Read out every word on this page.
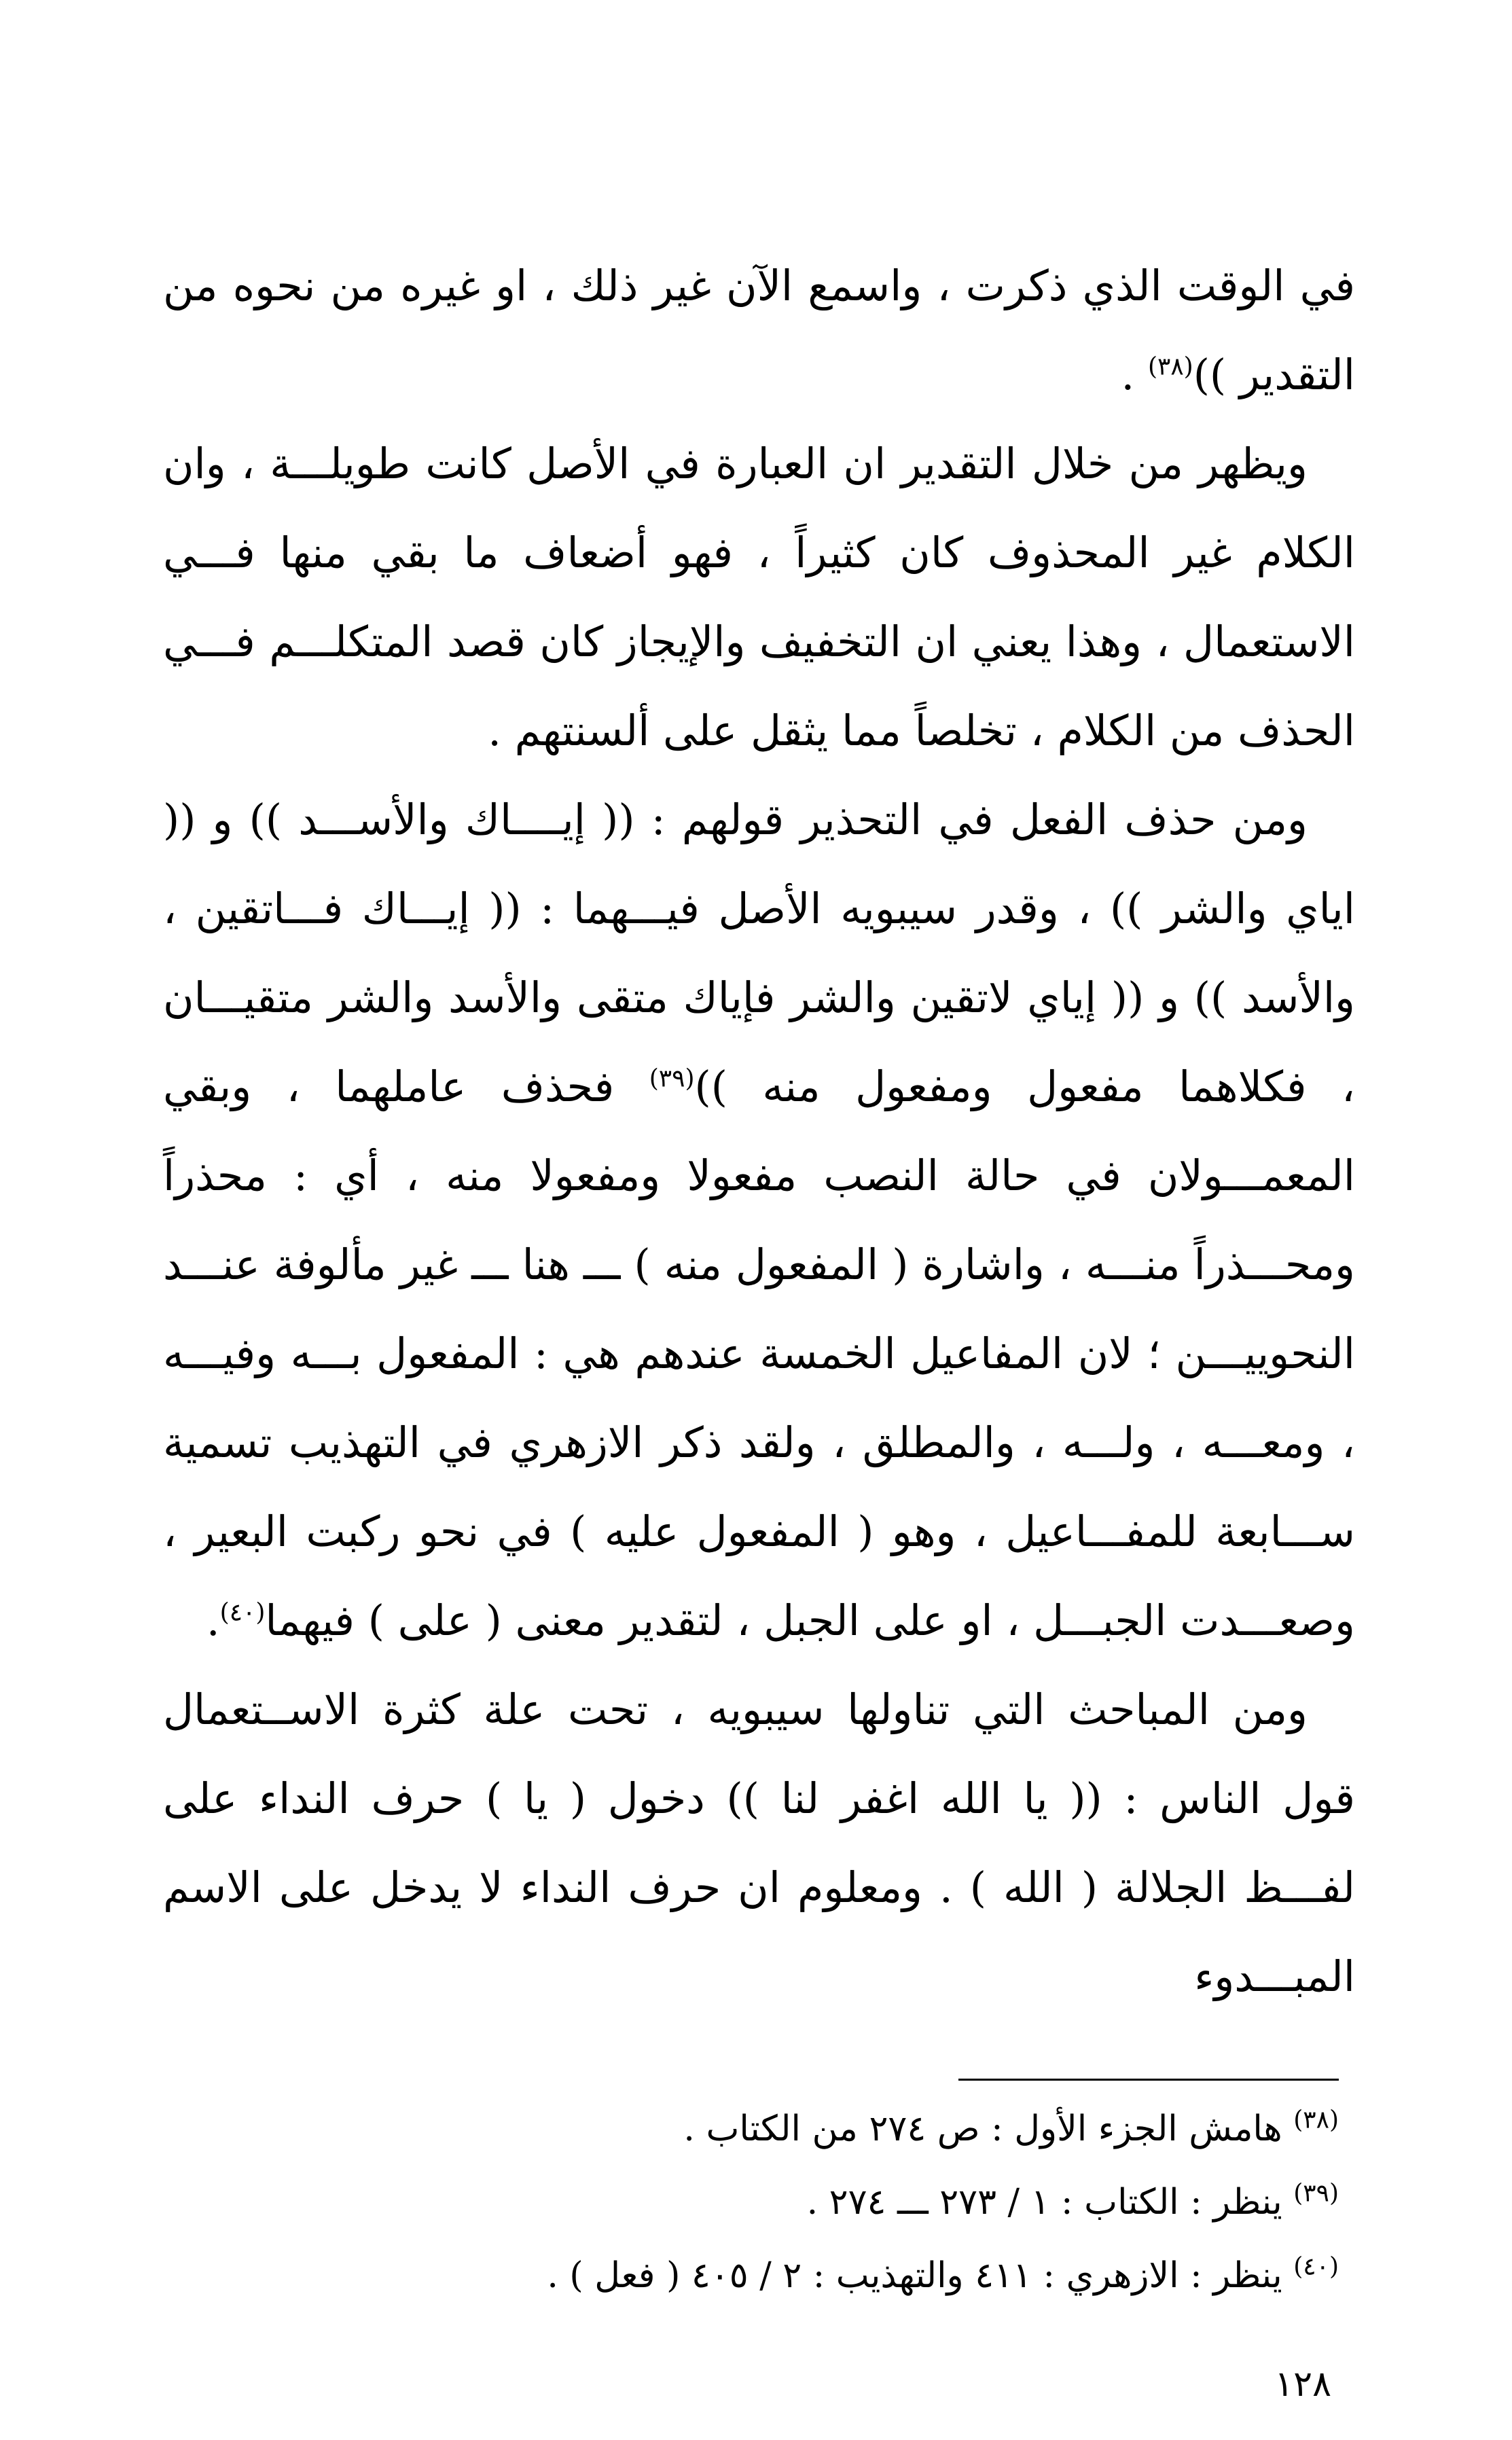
في الوقت الذي ذكرت ، واسمع الآن غير ذلك ، او غيره من نحوه من التقدير ))$^{(٣٨)}$ .

ويظهر من خلال التقدير ان العبارة في الأصل كانت طويلـــة ، وان الكلام غير المحذوف كان كثيراً ، فهو أضعاف ما بقي منها فـــي الاستعمال ، وهذا يعني ان التخفيف والإيجاز كان قصد المتكلـــم فـــي الحذف من الكلام ، تخلصاً مما يثقل على ألسنتهم .

ومن حذف الفعل في التحذير قولهم : (( إيــــاك والأســـد )) و (( اياي والشر )) ، وقدر سيبويه الأصل فيـــهما : (( إيـــاك فـــاتقين ، والأسد )) و (( إياي لاتقين والشر فإياك متقى والأسد والشر متقيـــان ، فكلاهما مفعول ومفعول منه ))$^{(٣٩)}$ فحذف عاملهما ، وبقي المعمـــولان في حالة النصب مفعولا ومفعولا منه ، أي : محذراً ومحـــذراً منـــه ، واشارة ( المفعول منه ) ـــ هنا ـــ غير مألوفة عنـــد النحوييـــن ؛ لان المفاعيل الخمسة عندهم هي : المفعول بـــه وفيـــه ، ومعـــه ، ولـــه ، والمطلق ، ولقد ذكر الازهري في التهذيب تسمية ســـابعة للمفـــاعيل ، وهو ( المفعول عليه ) في نحو ركبت البعير ، وصعـــدت الجبـــل ، او على الجبل ، لتقدير معنى ( على ) فيهما$^{(٤٠)}$.

ومن المباحث التي تناولها سيبويه ، تحت علة كثرة الاســتعمال قول الناس : (( يا الله اغفر لنا )) دخول ( يا ) حرف النداء على لفـــظ الجلالة ( الله ) . ومعلوم ان حرف النداء لا يدخل على الاسم المبـــدوء

$^{(٣٨)}$ هامش الجزء الأول : ص ٢٧٤ من الكتاب .

$^{(٣٩)}$ ينظر : الكتاب : ١ / ٢٧٣ ـــ ٢٧٤ .

$^{(٤٠)}$ ينظر : الازهري : ٤١١ والتهذيب : ٢ / ٤٠٥ ( فعل ) .

١٢٨
